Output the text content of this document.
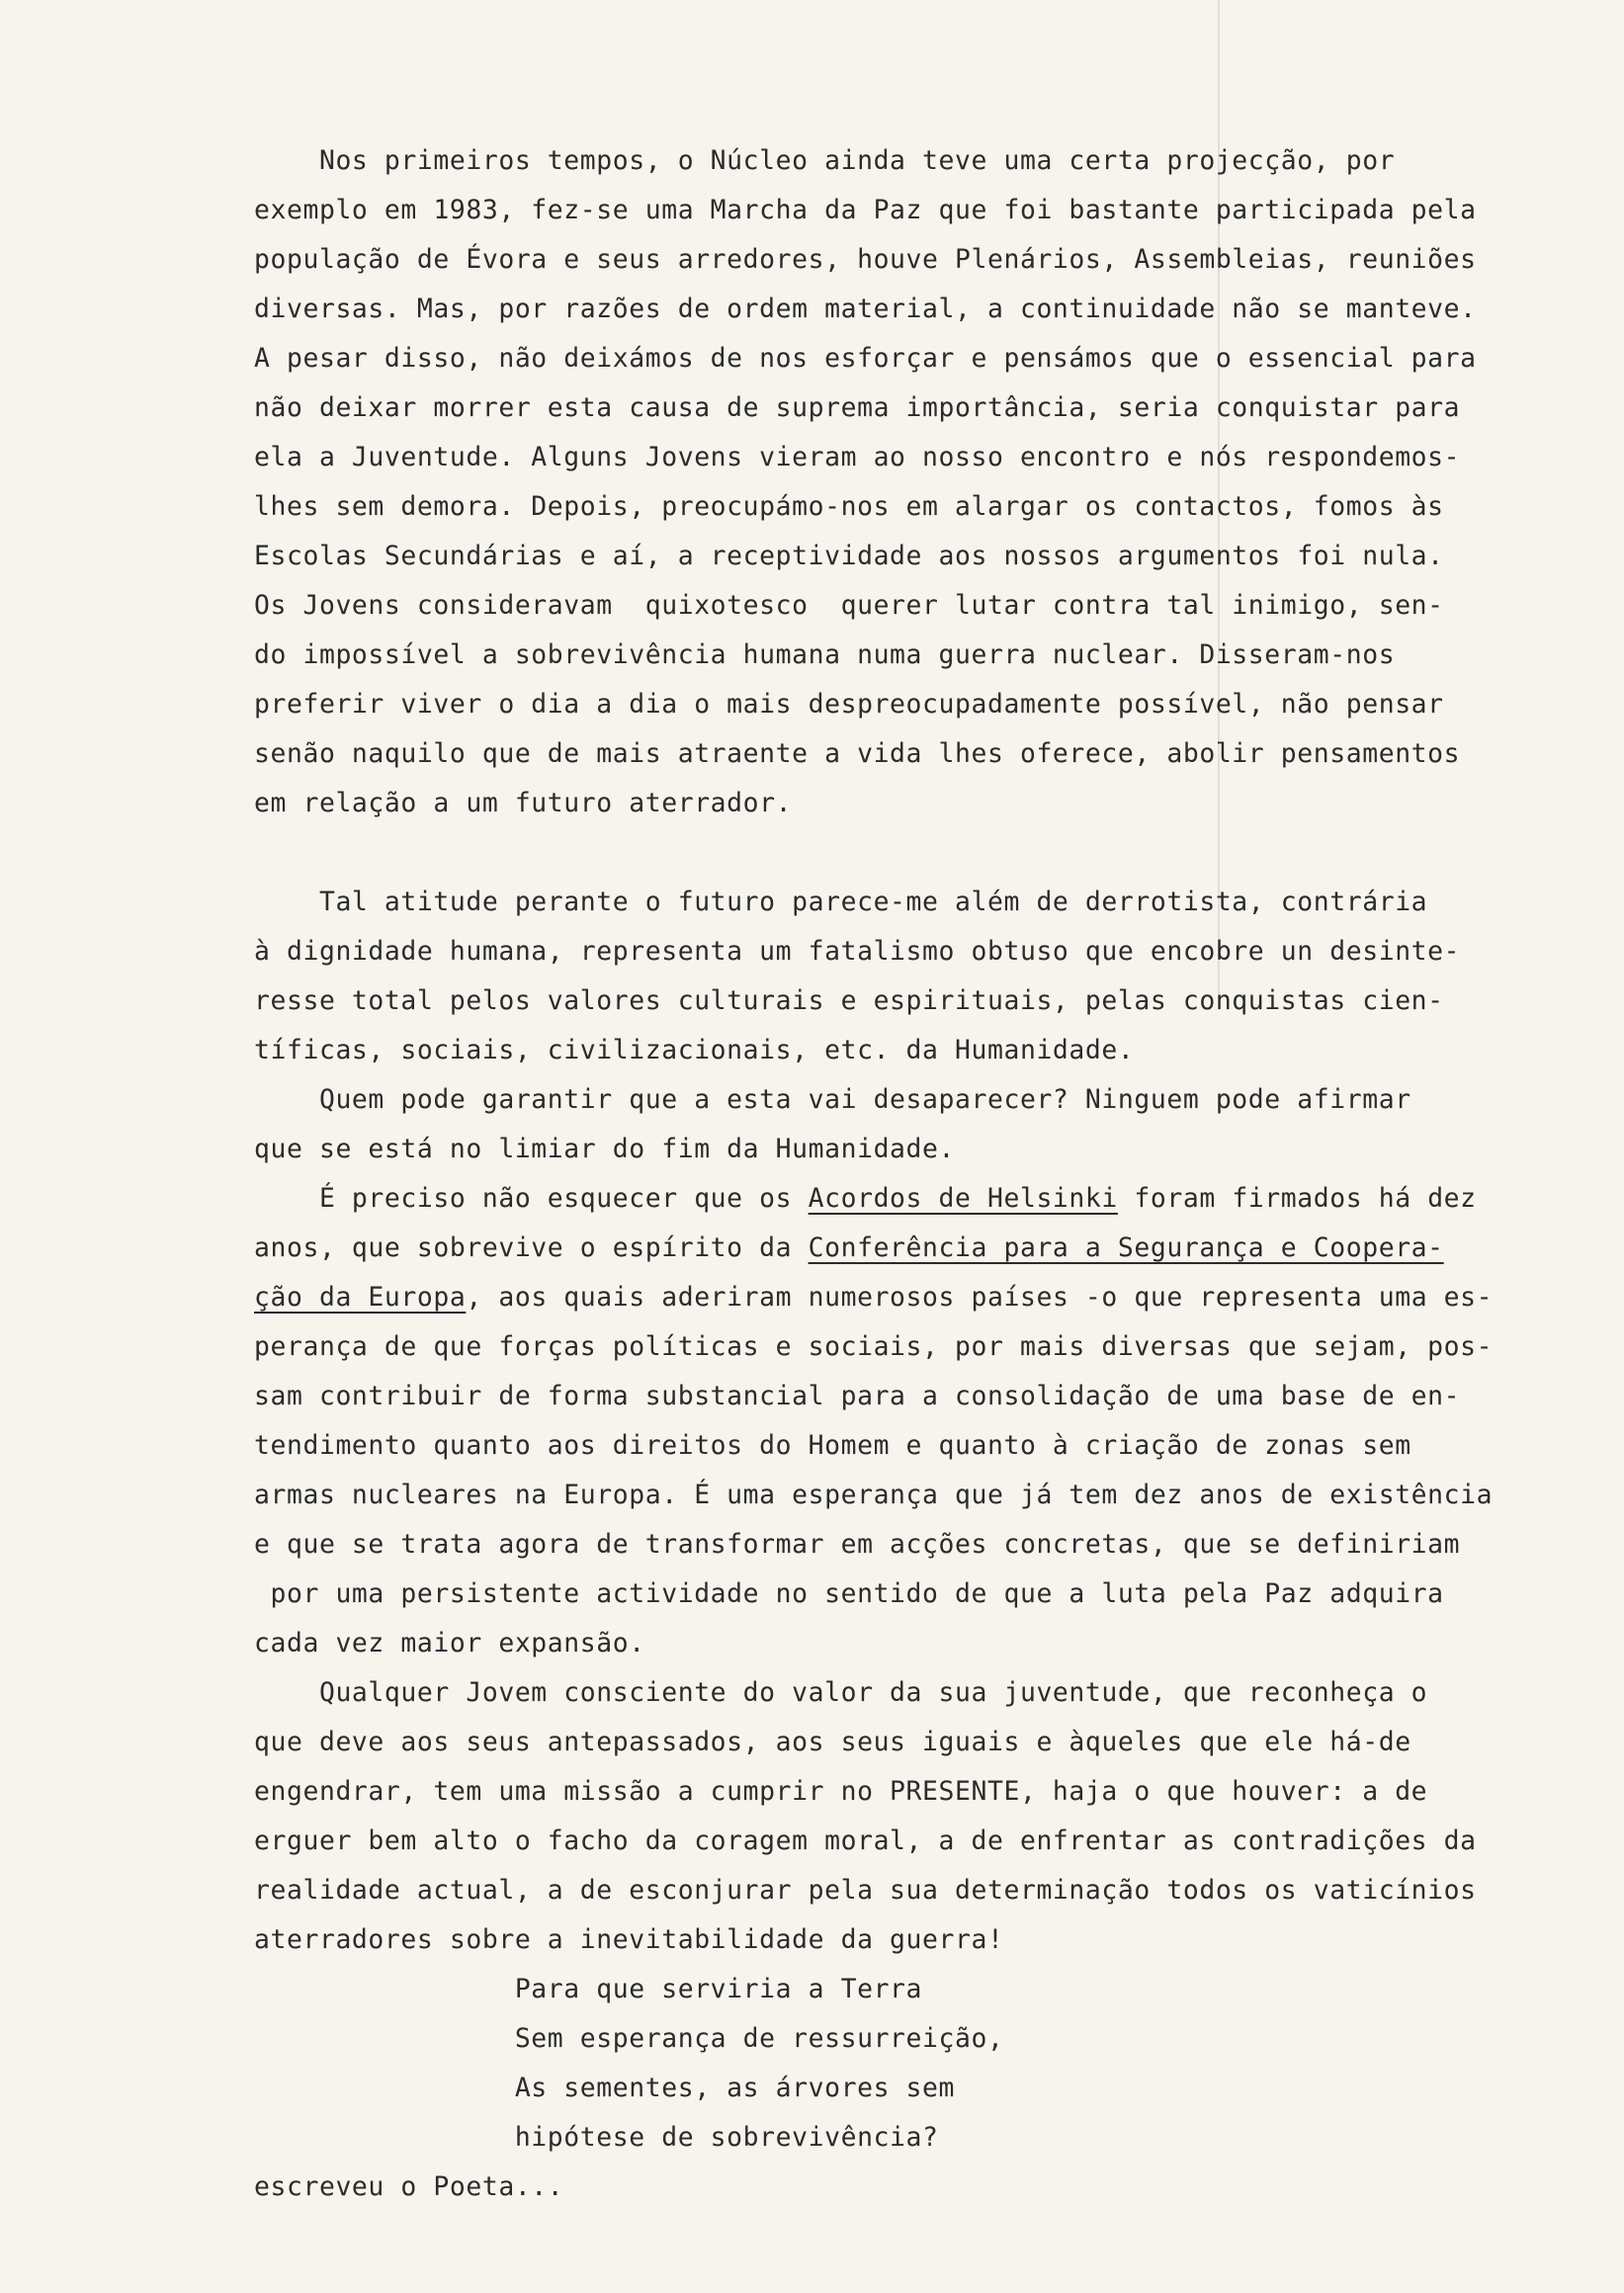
Nos primeiros tempos, o Núcleo ainda teve uma certa projecção, por
exemplo em 1983, fez-se uma Marcha da Paz que foi bastante participada pela
população de Évora e seus arredores, houve Plenários, Assembleias, reuniões
diversas. Mas, por razões de ordem material, a continuidade não se manteve.
A pesar disso, não deixámos de nos esforçar e pensámos que o essencial para
não deixar morrer esta causa de suprema importância, seria conquistar para
ela a Juventude. Alguns Jovens vieram ao nosso encontro e nós respondemos-
lhes sem demora. Depois, preocupámo-nos em alargar os contactos, fomos às
Escolas Secundárias e aí, a receptividade aos nossos argumentos foi nula.
Os Jovens consideravam  quixotesco  querer lutar contra tal inimigo, sen-
do impossível a sobrevivência humana numa guerra nuclear. Disseram-nos
preferir viver o dia a dia o mais despreocupadamente possível, não pensar
senão naquilo que de mais atraente a vida lhes oferece, abolir pensamentos
em relação a um futuro aterrador.
Tal atitude perante o futuro parece-me além de derrotista, contrária
à dignidade humana, representa um fatalismo obtuso que encobre un desinte-
resse total pelos valores culturais e espirituais, pelas conquistas cien-
tíficas, sociais, civilizacionais, etc. da Humanidade.
Quem pode garantir que a esta vai desaparecer? Ninguem pode afirmar
que se está no limiar do fim da Humanidade.
É preciso não esquecer que os Acordos de Helsinki foram firmados há dez
anos, que sobrevive o espírito da Conferência para a Segurança e Coopera-
ção da Europa, aos quais aderiram numerosos países -o que representa uma es-
perança de que forças políticas e sociais, por mais diversas que sejam, pos-
sam contribuir de forma substancial para a consolidação de uma base de en-
tendimento quanto aos direitos do Homem e quanto à criação de zonas sem
armas nucleares na Europa. É uma esperança que já tem dez anos de existência
e que se trata agora de transformar em acções concretas, que se definiriam
por uma persistente actividade no sentido de que a luta pela Paz adquira
cada vez maior expansão.
Qualquer Jovem consciente do valor da sua juventude, que reconheça o
que deve aos seus antepassados, aos seus iguais e àqueles que ele há-de
engendrar, tem uma missão a cumprir no PRESENTE, haja o que houver: a de
erguer bem alto o facho da coragem moral, a de enfrentar as contradições da
realidade actual, a de esconjurar pela sua determinação todos os vaticínios
aterradores sobre a inevitabilidade da guerra!
Para que serviria a Terra
Sem esperança de ressurreição,
As sementes, as árvores sem
hipótese de sobrevivência?
escreveu o Poeta...
